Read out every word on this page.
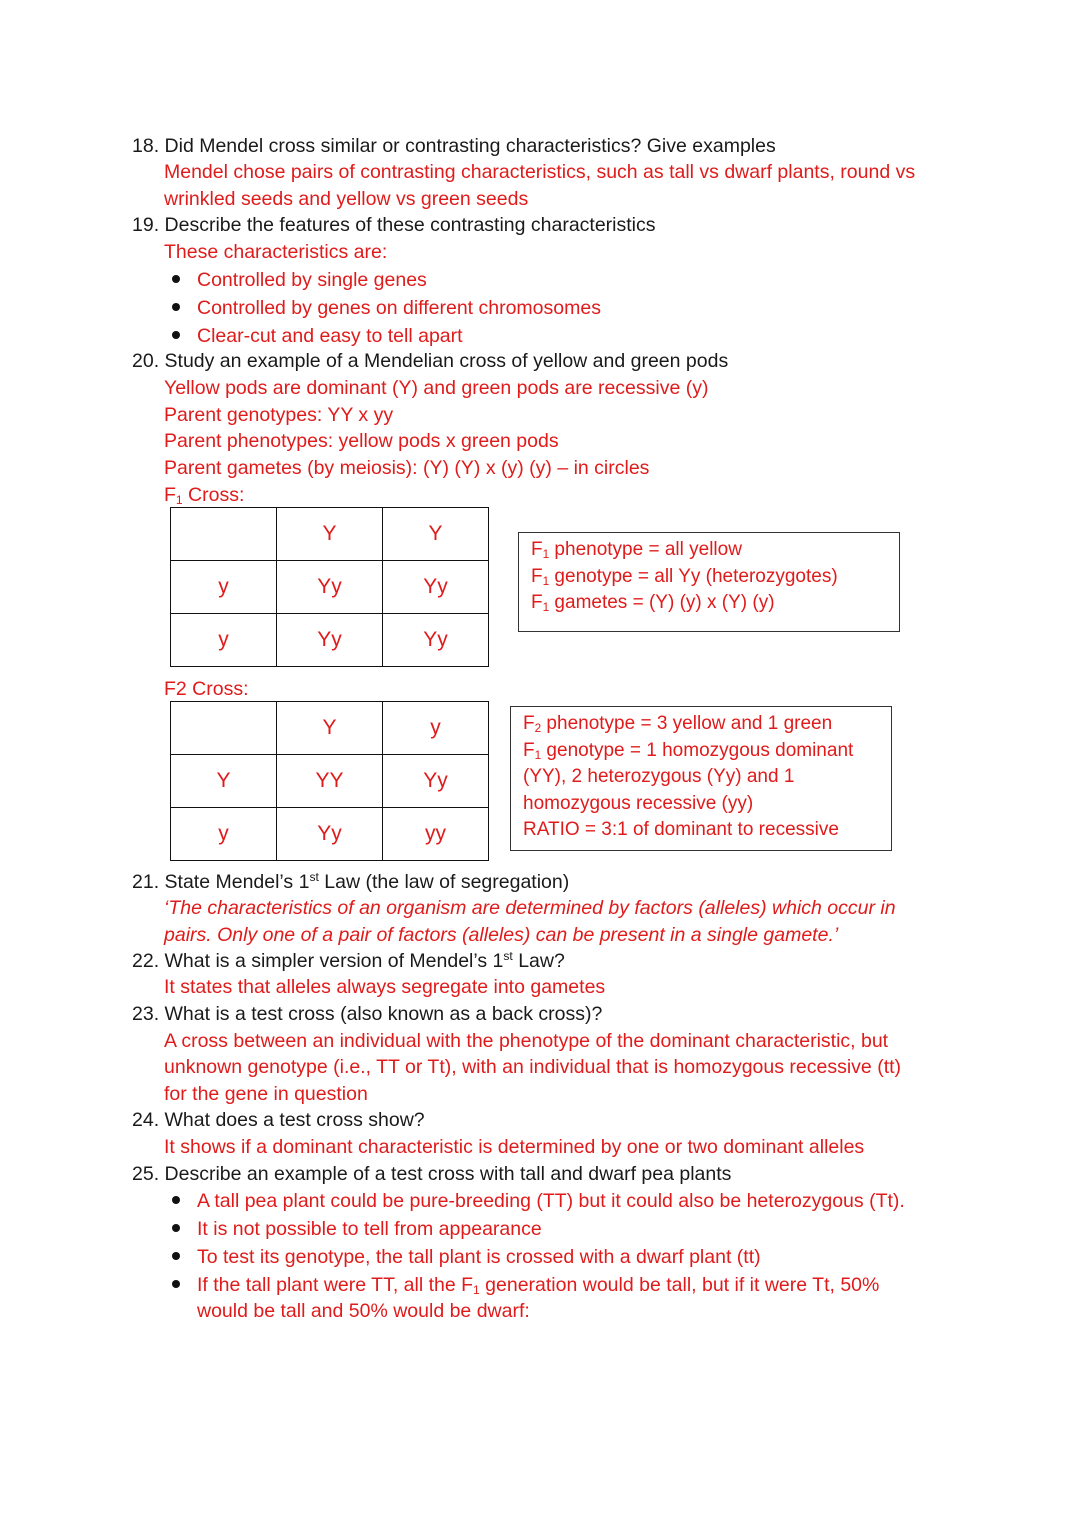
18. Did Mendel cross similar or contrasting characteristics? Give examples
Mendel chose pairs of contrasting characteristics, such as tall vs dwarf plants, round vs
wrinkled seeds and yellow vs green seeds
19. Describe the features of these contrasting characteristics
These characteristics are:
Controlled by single genes
Controlled by genes on different chromosomes
Clear-cut and easy to tell apart
20. Study an example of a Mendelian cross of yellow and green pods
Yellow pods are dominant (Y) and green pods are recessive (y)
Parent genotypes: YY x yy
Parent phenotypes: yellow pods x green pods
Parent gametes (by meiosis): (Y) (Y) x (y) (y) – in circles
$F_1$ Cross:
	Y	Y
y	Yy	Yy
y	Yy	Yy
$F_1$ phenotype = all yellow
$F_1$ genotype = all Yy (heterozygotes)
$F_1$ gametes = (Y) (y) x (Y) (y)
F2 Cross:
	Y	y
Y	YY	Yy
y	Yy	yy
$F_2$ phenotype = 3 yellow and 1 green
$F_1$ genotype = 1 homozygous dominant
(YY), 2 heterozygous (Yy) and 1
homozygous recessive (yy)
RATIO = 3:1 of dominant to recessive
21. State Mendel’s 1st Law (the law of segregation)
‘The characteristics of an organism are determined by factors (alleles) which occur in
pairs. Only one of a pair of factors (alleles) can be present in a single gamete.’
22. What is a simpler version of Mendel’s 1st Law?
It states that alleles always segregate into gametes
23. What is a test cross (also known as a back cross)?
A cross between an individual with the phenotype of the dominant characteristic, but
unknown genotype (i.e., TT or Tt), with an individual that is homozygous recessive (tt)
for the gene in question
24. What does a test cross show?
It shows if a dominant characteristic is determined by one or two dominant alleles
25. Describe an example of a test cross with tall and dwarf pea plants
A tall pea plant could be pure-breeding (TT) but it could also be heterozygous (Tt).
It is not possible to tell from appearance
To test its genotype, the tall plant is crossed with a dwarf plant (tt)
If the tall plant were TT, all the $F_1$ generation would be tall, but if it were Tt, 50%
would be tall and 50% would be dwarf:
